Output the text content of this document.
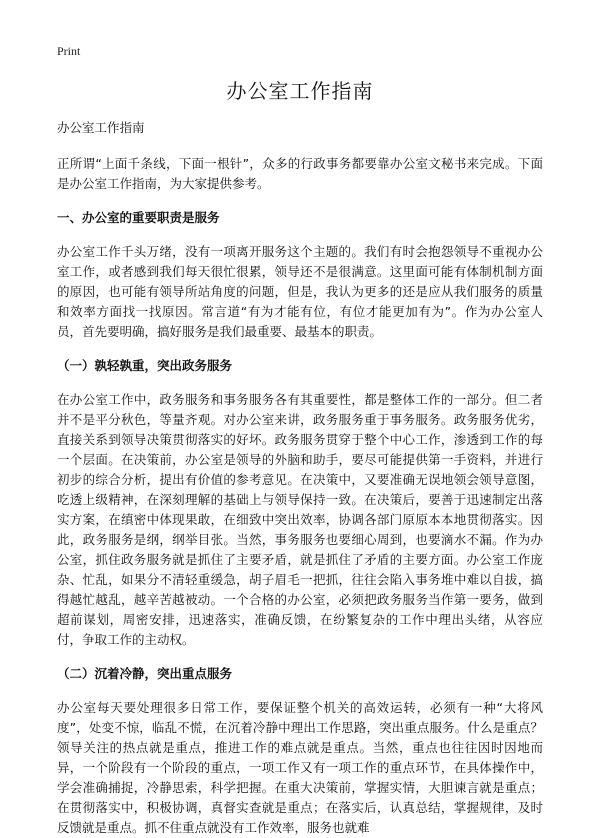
Print
办公室工作指南
办公室工作指南

正所谓“上面千条线，下面一根针”，众多的行政事务都要靠办公室文秘书来完成。下面是办公室工作指南，为大家提供参考。

一、办公室的重要职责是服务

办公室工作千头万绪，没有一项离开服务这个主题的。我们有时会抱怨领导不重视办公室工作，或者感到我们每天很忙很累，领导还不是很满意。这里面可能有体制机制方面的原因，也可能有领导所站角度的问题，但是，我认为更多的还是应从我们服务的质量和效率方面找一找原因。常言道“有为才能有位，有位才能更加有为”。作为办公室人员，首先要明确，搞好服务是我们最重要、最基本的职责。

（一）孰轻孰重，突出政务服务

在办公室工作中，政务服务和事务服务各有其重要性，都是整体工作的一部分。但二者并不是平分秋色，等量齐观。对办公室来讲，政务服务重于事务服务。政务服务优劣，直接关系到领导决策贯彻落实的好坏。政务服务贯穿于整个中心工作，渗透到工作的每一个层面。在决策前，办公室是领导的外脑和助手，要尽可能提供第一手资料，并进行初步的综合分析，提出有价值的参考意见。在决策中，又要准确无误地领会领导意图，吃透上级精神，在深刻理解的基础上与领导保持一致。在决策后，要善于迅速制定出落实方案，在缜密中体现果敢，在细致中突出效率，协调各部门原原本本地贯彻落实。因此，政务服务是纲，纲举目张。当然，事务服务也要细心周到，也要滴水不漏。作为办公室，抓住政务服务就是抓住了主要矛盾，就是抓住了矛盾的主要方面。办公室工作庞杂、忙乱，如果分不清轻重缓急，胡子眉毛一把抓，往往会陷入事务堆中难以自拔，搞得越忙越乱，越辛苦越被动。一个合格的办公室，必须把政务服务当作第一要务，做到超前谋划，周密安排，迅速落实，准确反馈，在纷繁复杂的工作中理出头绪，从容应付，争取工作的主动权。

（二）沉着冷静，突出重点服务

办公室每天要处理很多日常工作，要保证整个机关的高效运转，必须有一种“大将风度”，处变不惊，临乱不慌，在沉着冷静中理出工作思路，突出重点服务。什么是重点？领导关注的热点就是重点，推进工作的难点就是重点。当然，重点也往往因时因地而异，一个阶段有一个阶段的重点，一项工作又有一项工作的重点环节，在具体操作中，学会准确捕捉，冷静思索，科学把握。在重大决策前，掌握实情，大胆谏言就是重点；在贯彻落实中，积极协调，真督实查就是重点；在落实后，认真总结，掌握规律，及时反馈就是重点。抓不住重点就没有工作效率，服务也就难
